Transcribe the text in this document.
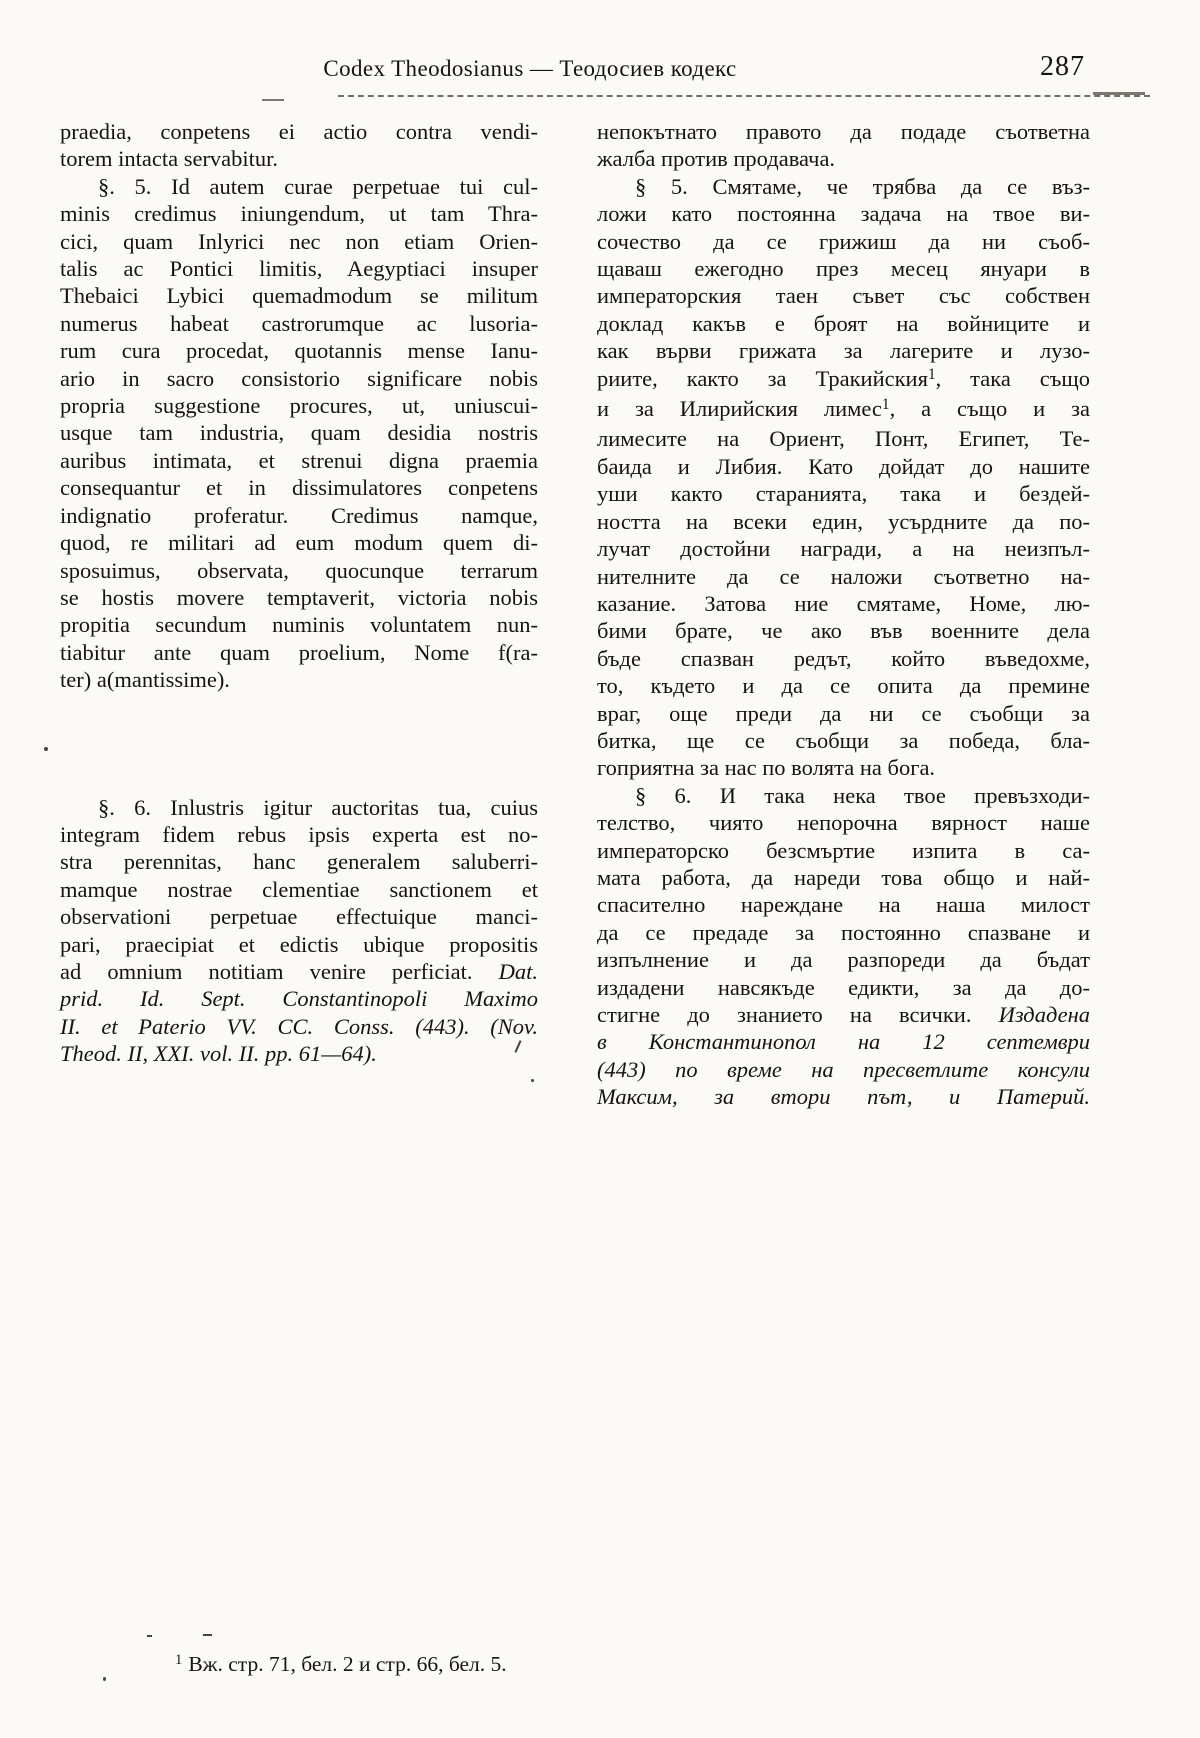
Codex Theodosianus — Теодосиев кодекс	287
praedia, conpetens ei actio contra vendi-
torem intacta servabitur.
§. 5. Id autem curae perpetuae tui cul-
minis credimus iniungendum, ut tam Thra-
cici, quam Inlyrici nec non etiam Orien-
talis ac Pontici limitis, Aegyptiaci insuper
Thebaici Lybici quemadmodum se militum
numerus habeat castrorumque ac lusoria-
rum cura procedat, quotannis mense Ianu-
ario in sacro consistorio significare nobis
propria suggestione procures, ut, uniuscui-
usque tam industria, quam desidia nostris
auribus intimata, et strenui digna praemia
consequantur et in dissimulatores conpetens
indignatio proferatur. Credimus namque,
quod, re militari ad eum modum quem di-
sposuimus, observata, quocunque terrarum
se hostis movere temptaverit, victoria nobis
propitia secundum numinis voluntatem nun-
tiabitur ante quam proelium, Nome f(ra-
ter) a(mantissime).
§. 6. Inlustris igitur auctoritas tua, cuius
integram fidem rebus ipsis experta est no-
stra perennitas, hanc generalem saluberri-
mamque nostrae clementiae sanctionem et
observationi perpetuae effectuique manci-
pari, praecipiat et edictis ubique propositis
ad omnium notitiam venire perficiat. Dat.
prid. Id. Sept. Constantinopoli Maximo
II. et Paterio VV. CC. Conss. (443). (Nov.
Theod. II, XXI. vol. II. pp. 61—64).
непокътнато правото да подаде съответна
жалба против продавача.
§ 5. Смятаме, че трябва да се въз-
ложи като постоянна задача на твое ви-
сочество да се грижиш да ни съоб-
щаваш ежегодно през месец януари в
императорския таен съвет със собствен
доклад какъв е броят на войниците и
как върви грижата за лагерите и лузо-
риите, както за Тракийския$^1$, така също
и за Илирийския лимес$^1$, а също и за
лимесите на Ориент, Понт, Египет, Те-
баида и Либия. Като дойдат до нашите
уши както старанията, така и бездей-
ността на всеки един, усърдните да по-
лучат достойни награди, а на неизпъл-
нителните да се наложи съответно на-
казание. Затова ние смятаме, Номе, лю-
бими брате, че ако във военните дела
бъде спазван редът, който въведохме,
то, където и да се опита да премине
враг, още преди да ни се съобщи за
битка, ще се съобщи за победа, бла-
гоприятна за нас по волята на бога.
§ 6. И така нека твое превъзходи-
телство, чиято непорочна вярност наше
императорско безсмъртие изпита в са-
мата работа, да нареди това общо и най-
спасително нареждане на наша милост
да се предаде за постоянно спазване и
изпълнение и да разпореди да бъдат
издадени навсякъде едикти, за да до-
стигне до знанието на всички. Издадена
в Константинопол на 12 септември
(443) по време на пресветлите консули
Максим, за втори път, и Патерий.
$^1$ Вж. стр. 71, бел. 2 и стр. 66, бел. 5.
